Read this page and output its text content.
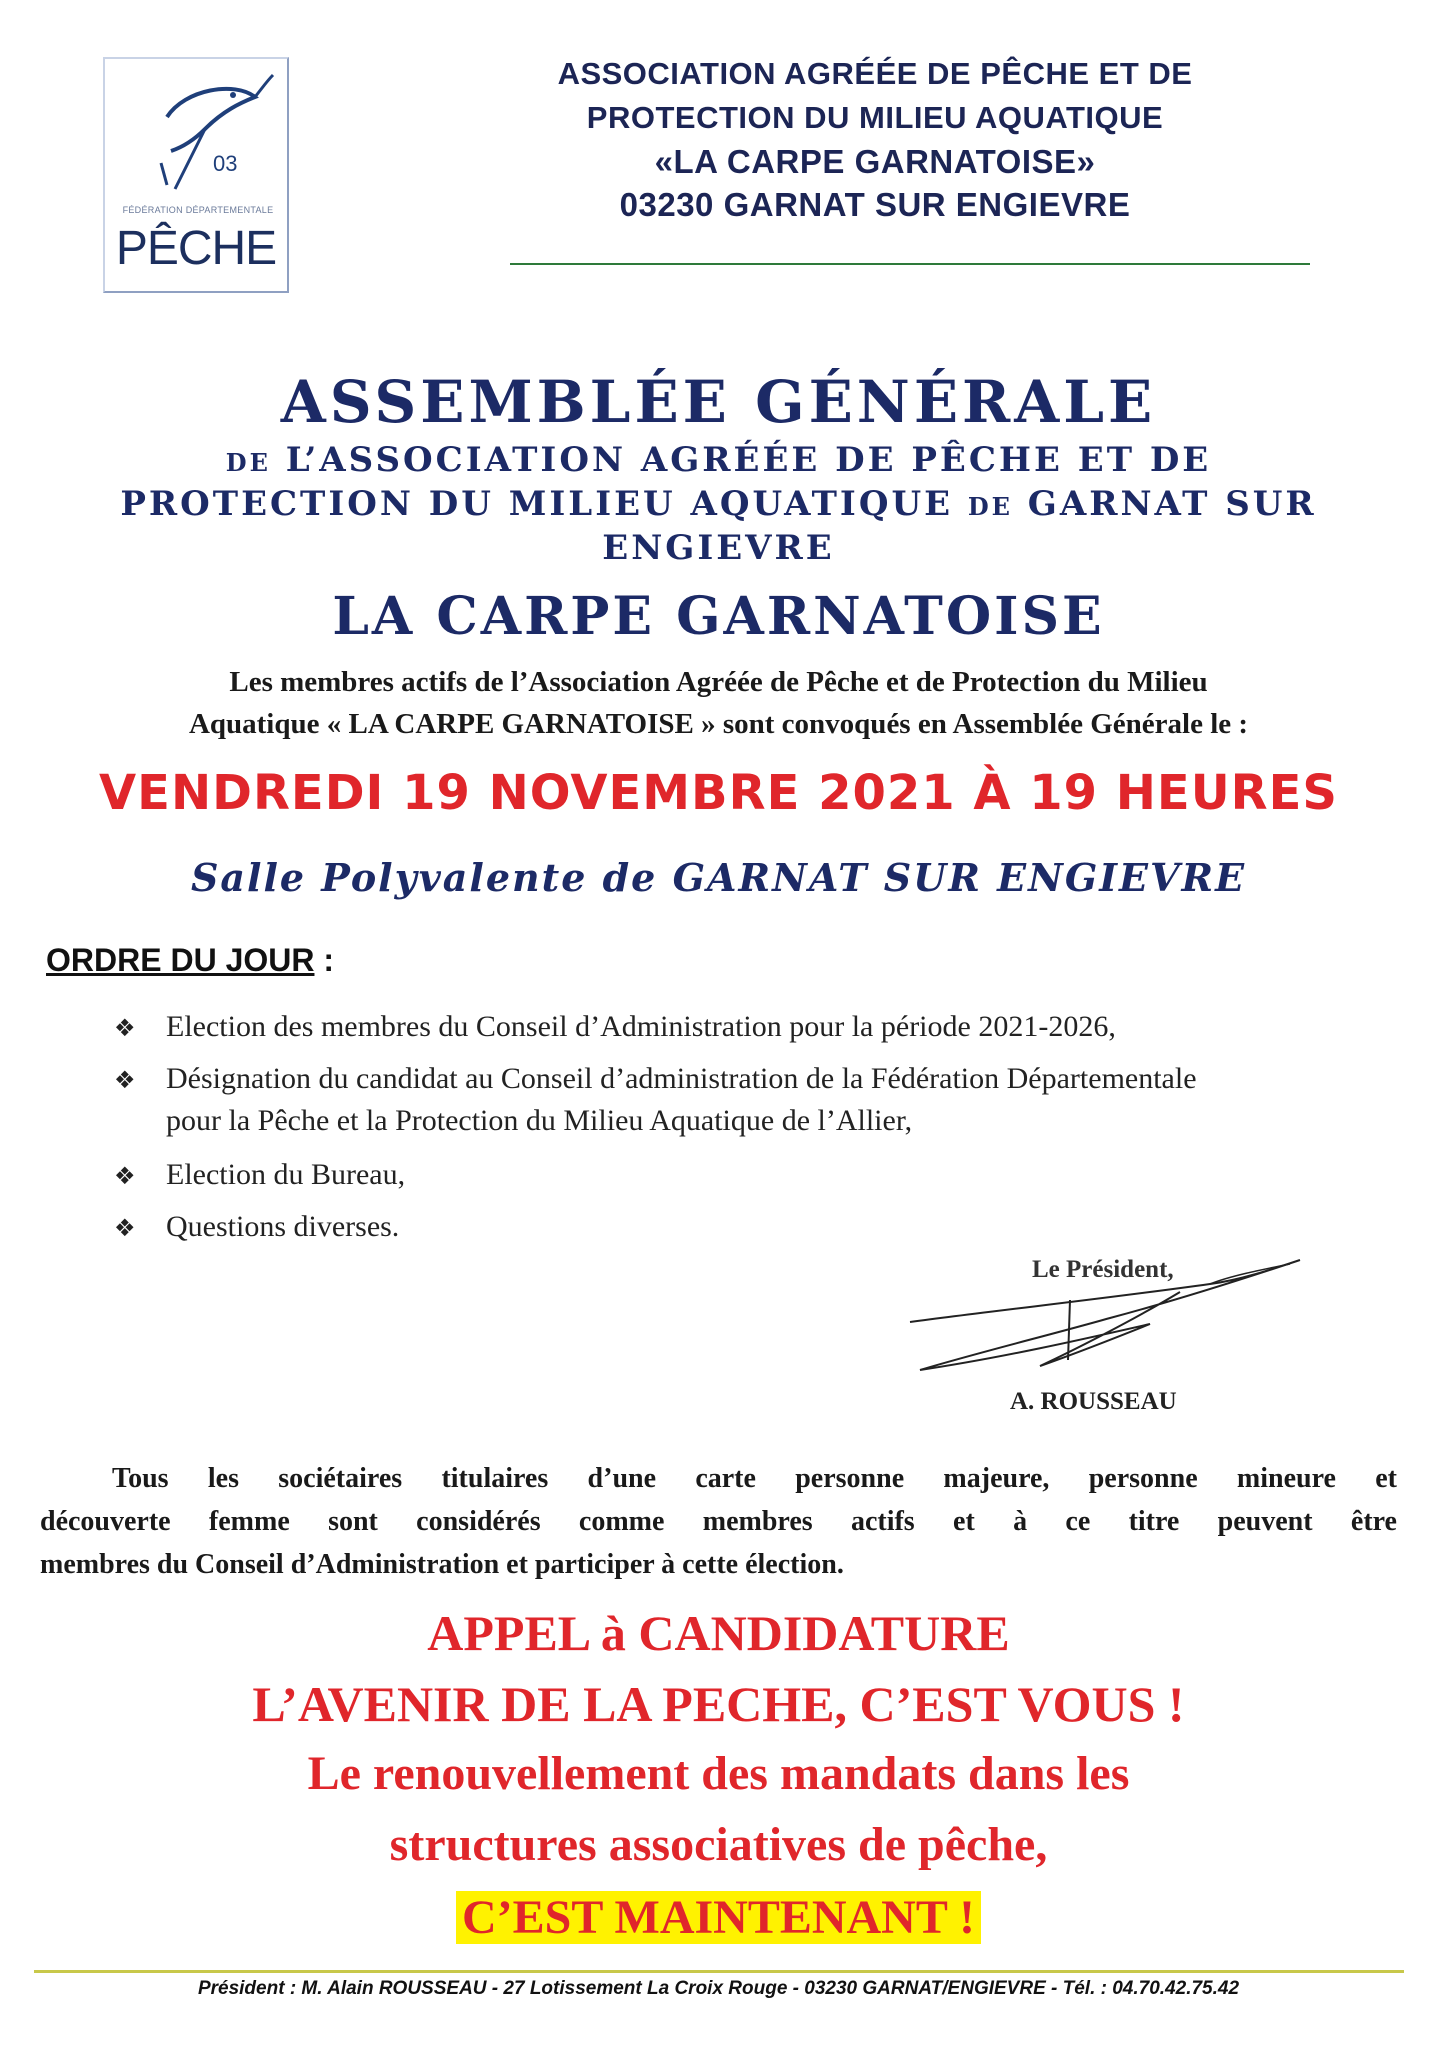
03
FÉDÉRATION DÉPARTEMENTALE
PÊCHE
ASSOCIATION AGRÉÉE DE PÊCHE ET DE
PROTECTION DU MILIEU AQUATIQUE
«LA CARPE GARNATOISE»
03230 GARNAT SUR ENGIEVRE
ASSEMBLÉE GÉNÉRALE
de L’ASSOCIATION AGRÉÉE DE PÊCHE ET DE
PROTECTION DU MILIEU AQUATIQUE de GARNAT SUR
ENGIEVRE
LA CARPE GARNATOISE
Les membres actifs de l’Association Agréée de Pêche et de Protection du Milieu
Aquatique « LA CARPE GARNATOISE » sont convoqués en Assemblée Générale le :
VENDREDI 19 NOVEMBRE 2021 À 19 HEURES
Salle Polyvalente de GARNAT SUR ENGIEVRE
ORDRE DU JOUR :
❖ Election des membres du Conseil d’Administration pour la période 2021-2026,
❖ Désignation du candidat au Conseil d’administration de la Fédération Départementale
pour la Pêche et la Protection du Milieu Aquatique de l’Allier,
❖ Election du Bureau,
❖ Questions diverses.
Le Président,
A. ROUSSEAU
Tous les sociétaires titulaires d’une carte personne majeure, personne mineure et
découverte femme sont considérés comme membres actifs et à ce titre peuvent être
membres du Conseil d’Administration et participer à cette élection.
APPEL à CANDIDATURE
L’AVENIR DE LA PECHE, C’EST VOUS !
Le renouvellement des mandats dans les
structures associatives de pêche,
C’EST MAINTENANT !
Président : M. Alain ROUSSEAU - 27 Lotissement La Croix Rouge - 03230 GARNAT/ENGIEVRE - Tél. : 04.70.42.75.42
